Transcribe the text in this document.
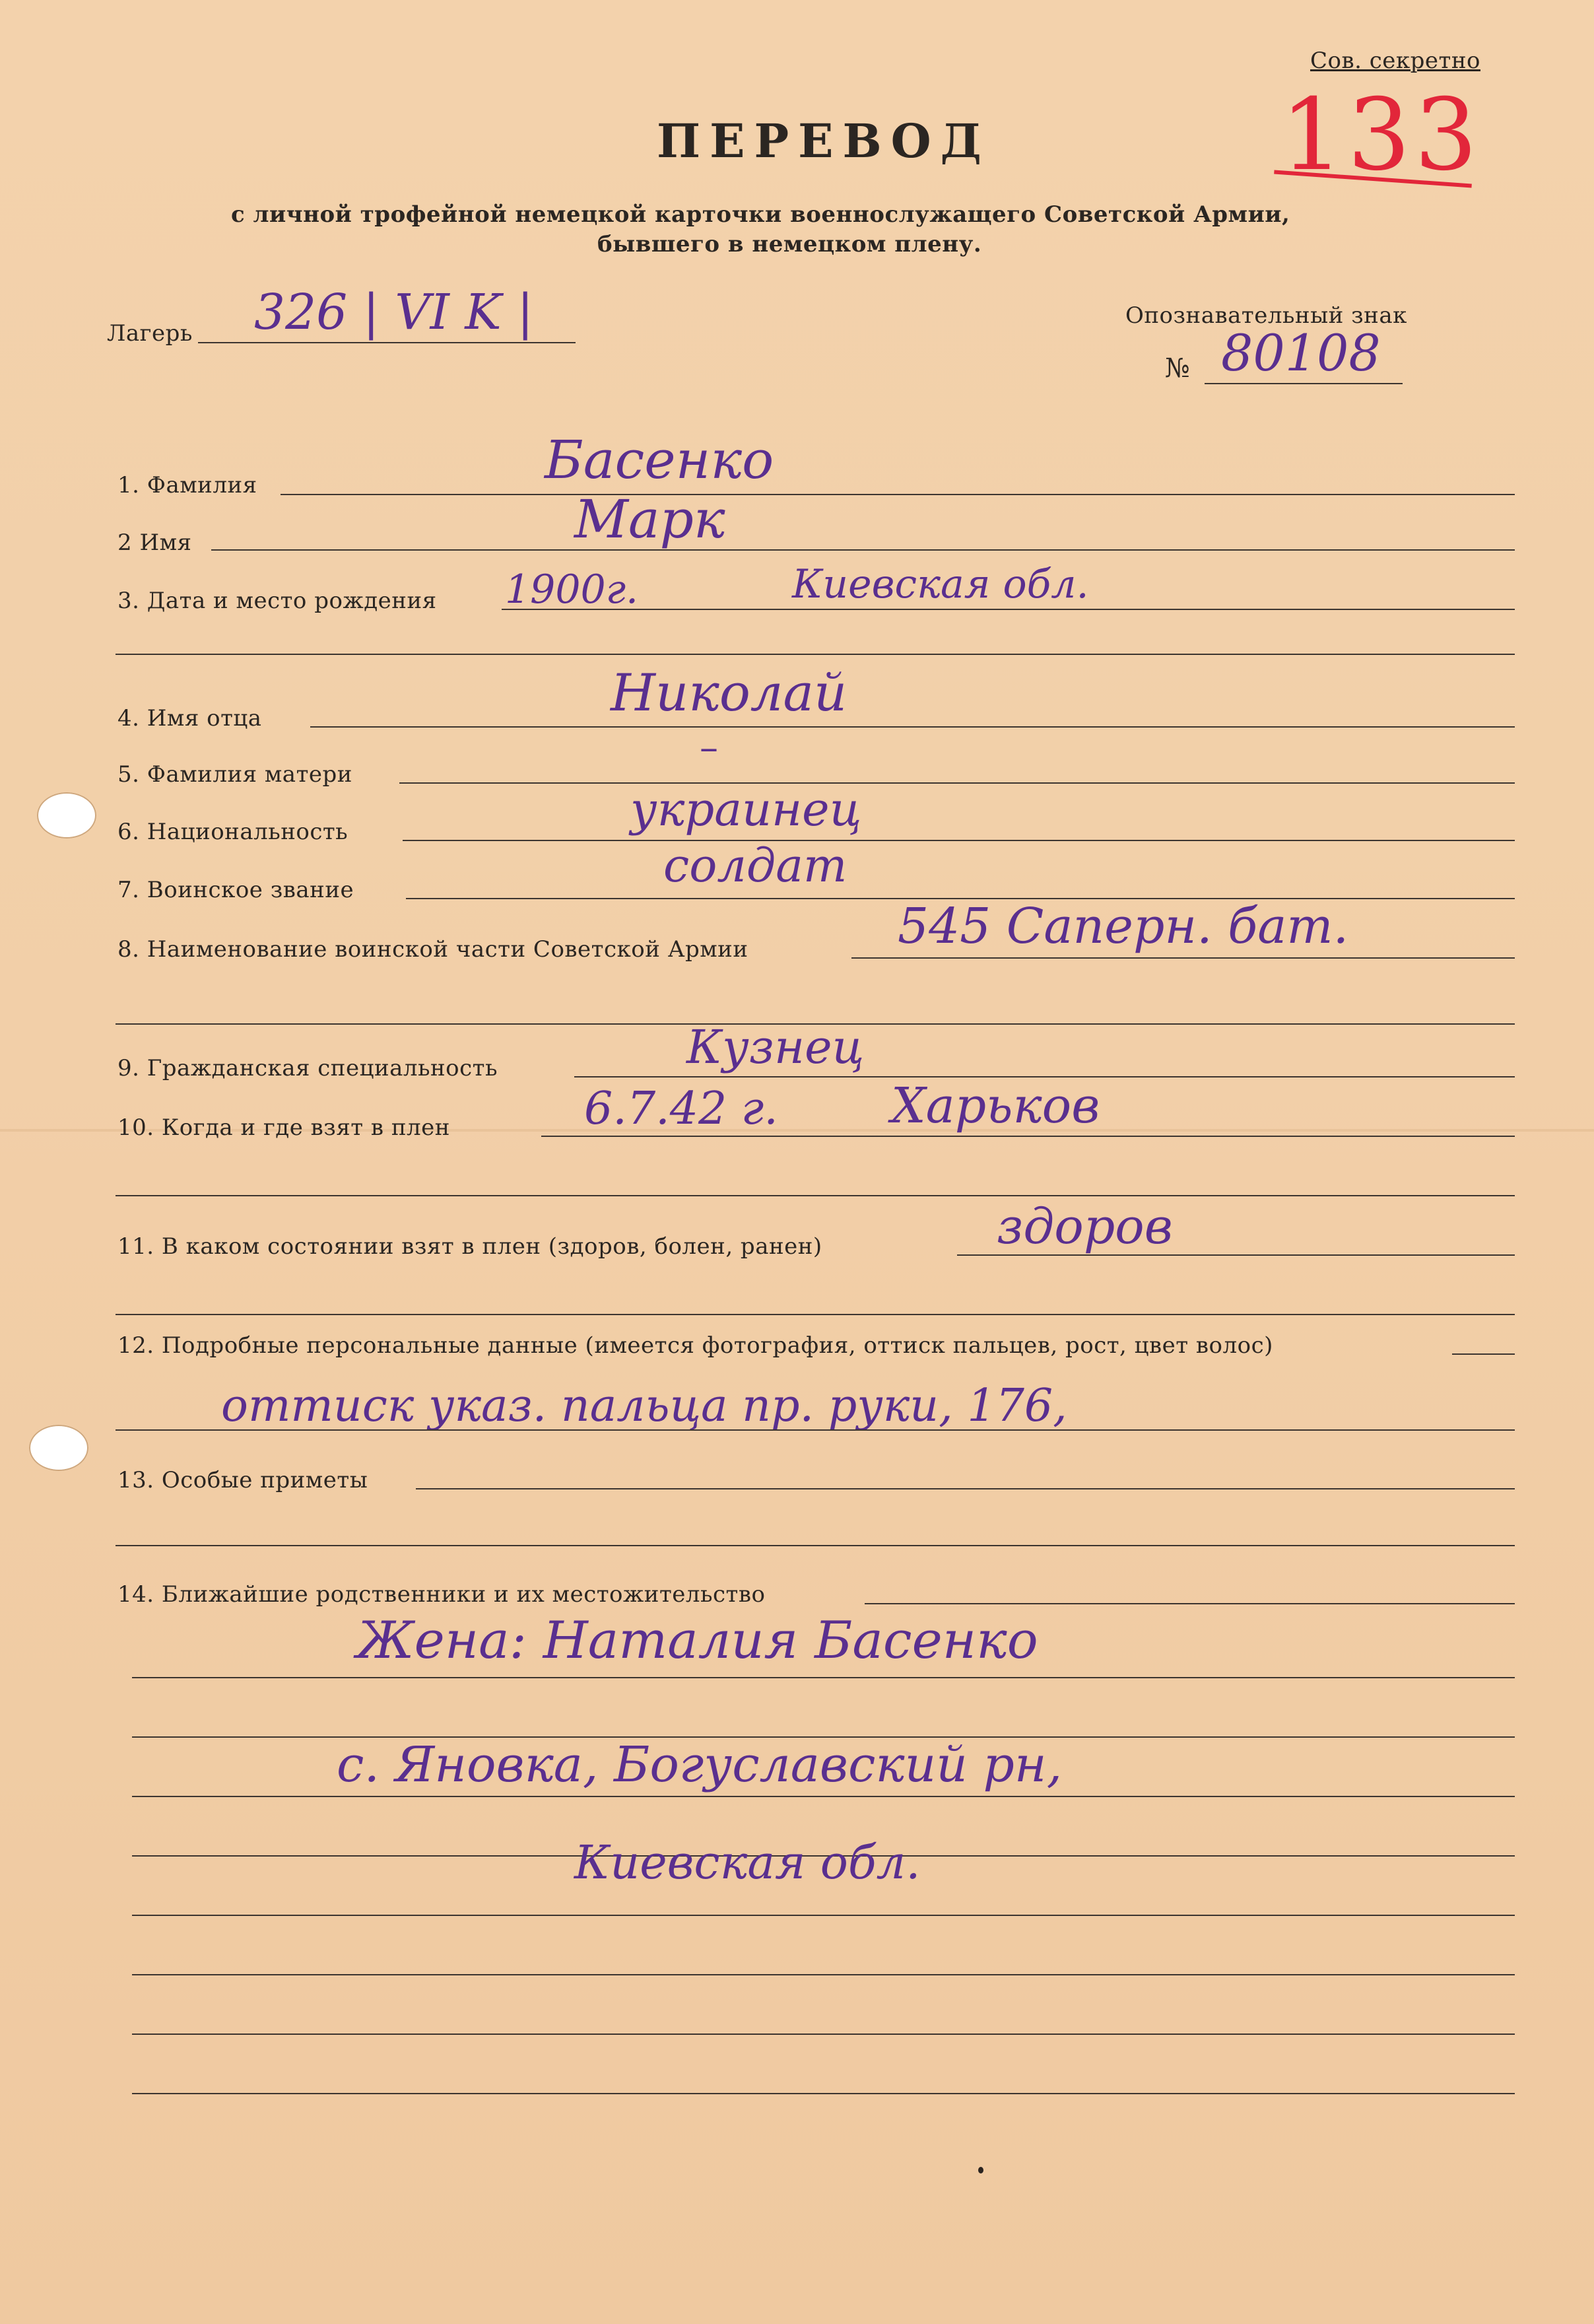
Сов. секретно
133
ПЕРЕВОД
с личной трофейной немецкой карточки военнослужащего Советской Армии,
бывшего в немецком плену.
Лагерь 326 | VI K |	Опознавательный знак
№ 80108
1. Фамилия	Басенко
2 Имя	Марк
3. Дата и место рождения 1900г.	Киевская обл.
4. Имя отца	Николай
5. Фамилия матери
–
6. Национальность	украинец
7. Воинское звание	солдат
8. Наименование воинской части Советской Армии	545 Саперн. бат.
9. Гражданская специальность	Кузнец
10. Когда и где взят в плен	6.7.42 г. Харьков
11. В каком состоянии взят в плен (здоров, болен, ранен)	здоров
12. Подробные персональные данные (имеется фотография, оттиск пальцев, рост, цвет волос)
оттиск указ. пальца пр. руки, 176,
13. Особые приметы
14. Ближайшие родственники и их местожительство
Жена: Наталия Басенко
с. Яновка, Богуславский рн,
Киевская обл.
